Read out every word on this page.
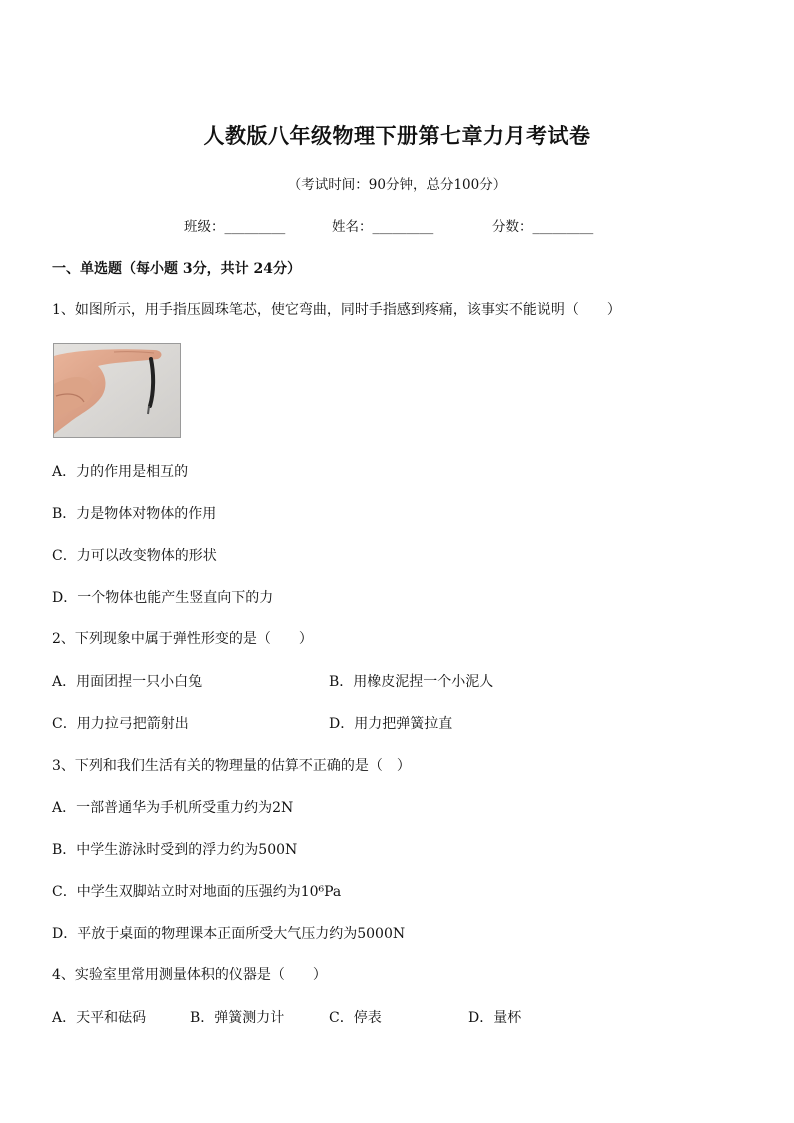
人教版八年级物理下册第七章力月考试卷
（考试时间：90分钟，总分100分）
班级：_________	姓名：_________	分数：_________
一、单选题（每小题 3分，共计 24分）
1、如图所示，用手指压圆珠笔芯，使它弯曲，同时手指感到疼痛，该事实不能说明（　　）
A．力的作用是相互的
B．力是物体对物体的作用
C．力可以改变物体的形状
D．一个物体也能产生竖直向下的力
2、下列现象中属于弹性形变的是（　　）
A．用面团捏一只小白兔	B．用橡皮泥捏一个小泥人
C．用力拉弓把箭射出	D．用力把弹簧拉直
3、下列和我们生活有关的物理量的估算不正确的是（　）
A．一部普通华为手机所受重力约为2N
B．中学生游泳时受到的浮力约为500N
C．中学生双脚站立时对地面的压强约为10⁶Pa
D．平放于桌面的物理课本正面所受大气压力约为5000N
4、实验室里常用测量体积的仪器是（　　）
A．天平和砝码	B．弹簧测力计	C．停表	D．量杯
